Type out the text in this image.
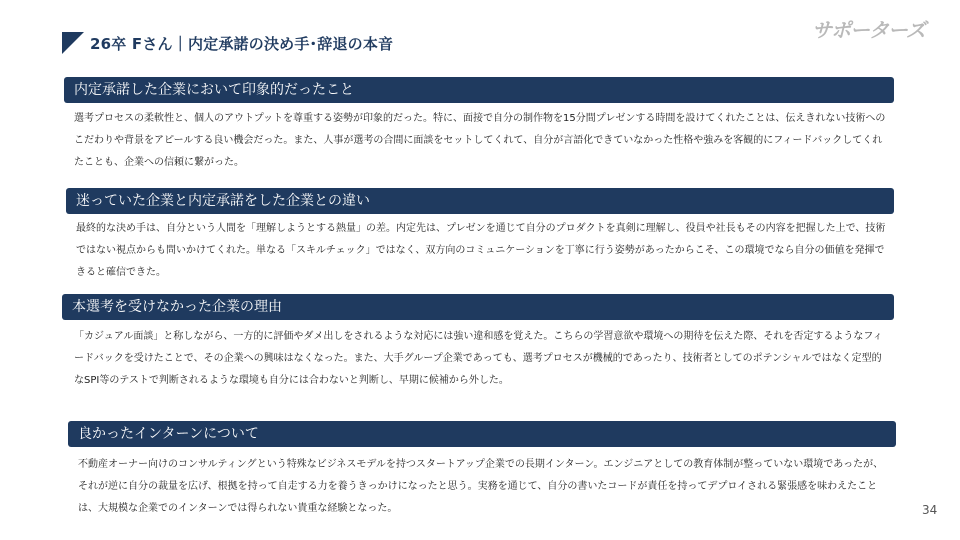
26卒 Fさん｜内定承諾の決め手･辞退の本音
サポーターズ
内定承諾した企業において印象的だったこと
選考プロセスの柔軟性と、個人のアウトプットを尊重する姿勢が印象的だった。特に、面接で自分の制作物を15分間プレゼンする時間を設けてくれたことは、伝えきれない技術へのこだわりや背景をアピールする良い機会だった。また、人事が選考の合間に面談をセットしてくれて、自分が言語化できていなかった性格や強みを客観的にフィードバックしてくれたことも、企業への信頼に繋がった。
迷っていた企業と内定承諾をした企業との違い
最終的な決め手は、自分という人間を「理解しようとする熱量」の差。内定先は、プレゼンを通じて自分のプロダクトを真剣に理解し、役員や社長もその内容を把握した上で、技術ではない視点からも問いかけてくれた。単なる「スキルチェック」ではなく、双方向のコミュニケーションを丁寧に行う姿勢があったからこそ、この環境でなら自分の価値を発揮できると確信できた。
本選考を受けなかった企業の理由
「カジュアル面談」と称しながら、一方的に評価やダメ出しをされるような対応には強い違和感を覚えた。こちらの学習意欲や環境への期待を伝えた際、それを否定するようなフィードバックを受けたことで、その企業への興味はなくなった。また、大手グループ企業であっても、選考プロセスが機械的であったり、技術者としてのポテンシャルではなく定型的なSPI等のテストで判断されるような環境も自分には合わないと判断し、早期に候補から外した。
良かったインターンについて
不動産オーナー向けのコンサルティングという特殊なビジネスモデルを持つスタートアップ企業での長期インターン。エンジニアとしての教育体制が整っていない環境であったが、それが逆に自分の裁量を広げ、根拠を持って自走する力を養うきっかけになったと思う。実務を通じて、自分の書いたコードが責任を持ってデプロイされる緊張感を味わえたことは、大規模な企業でのインターンでは得られない貴重な経験となった。	34
